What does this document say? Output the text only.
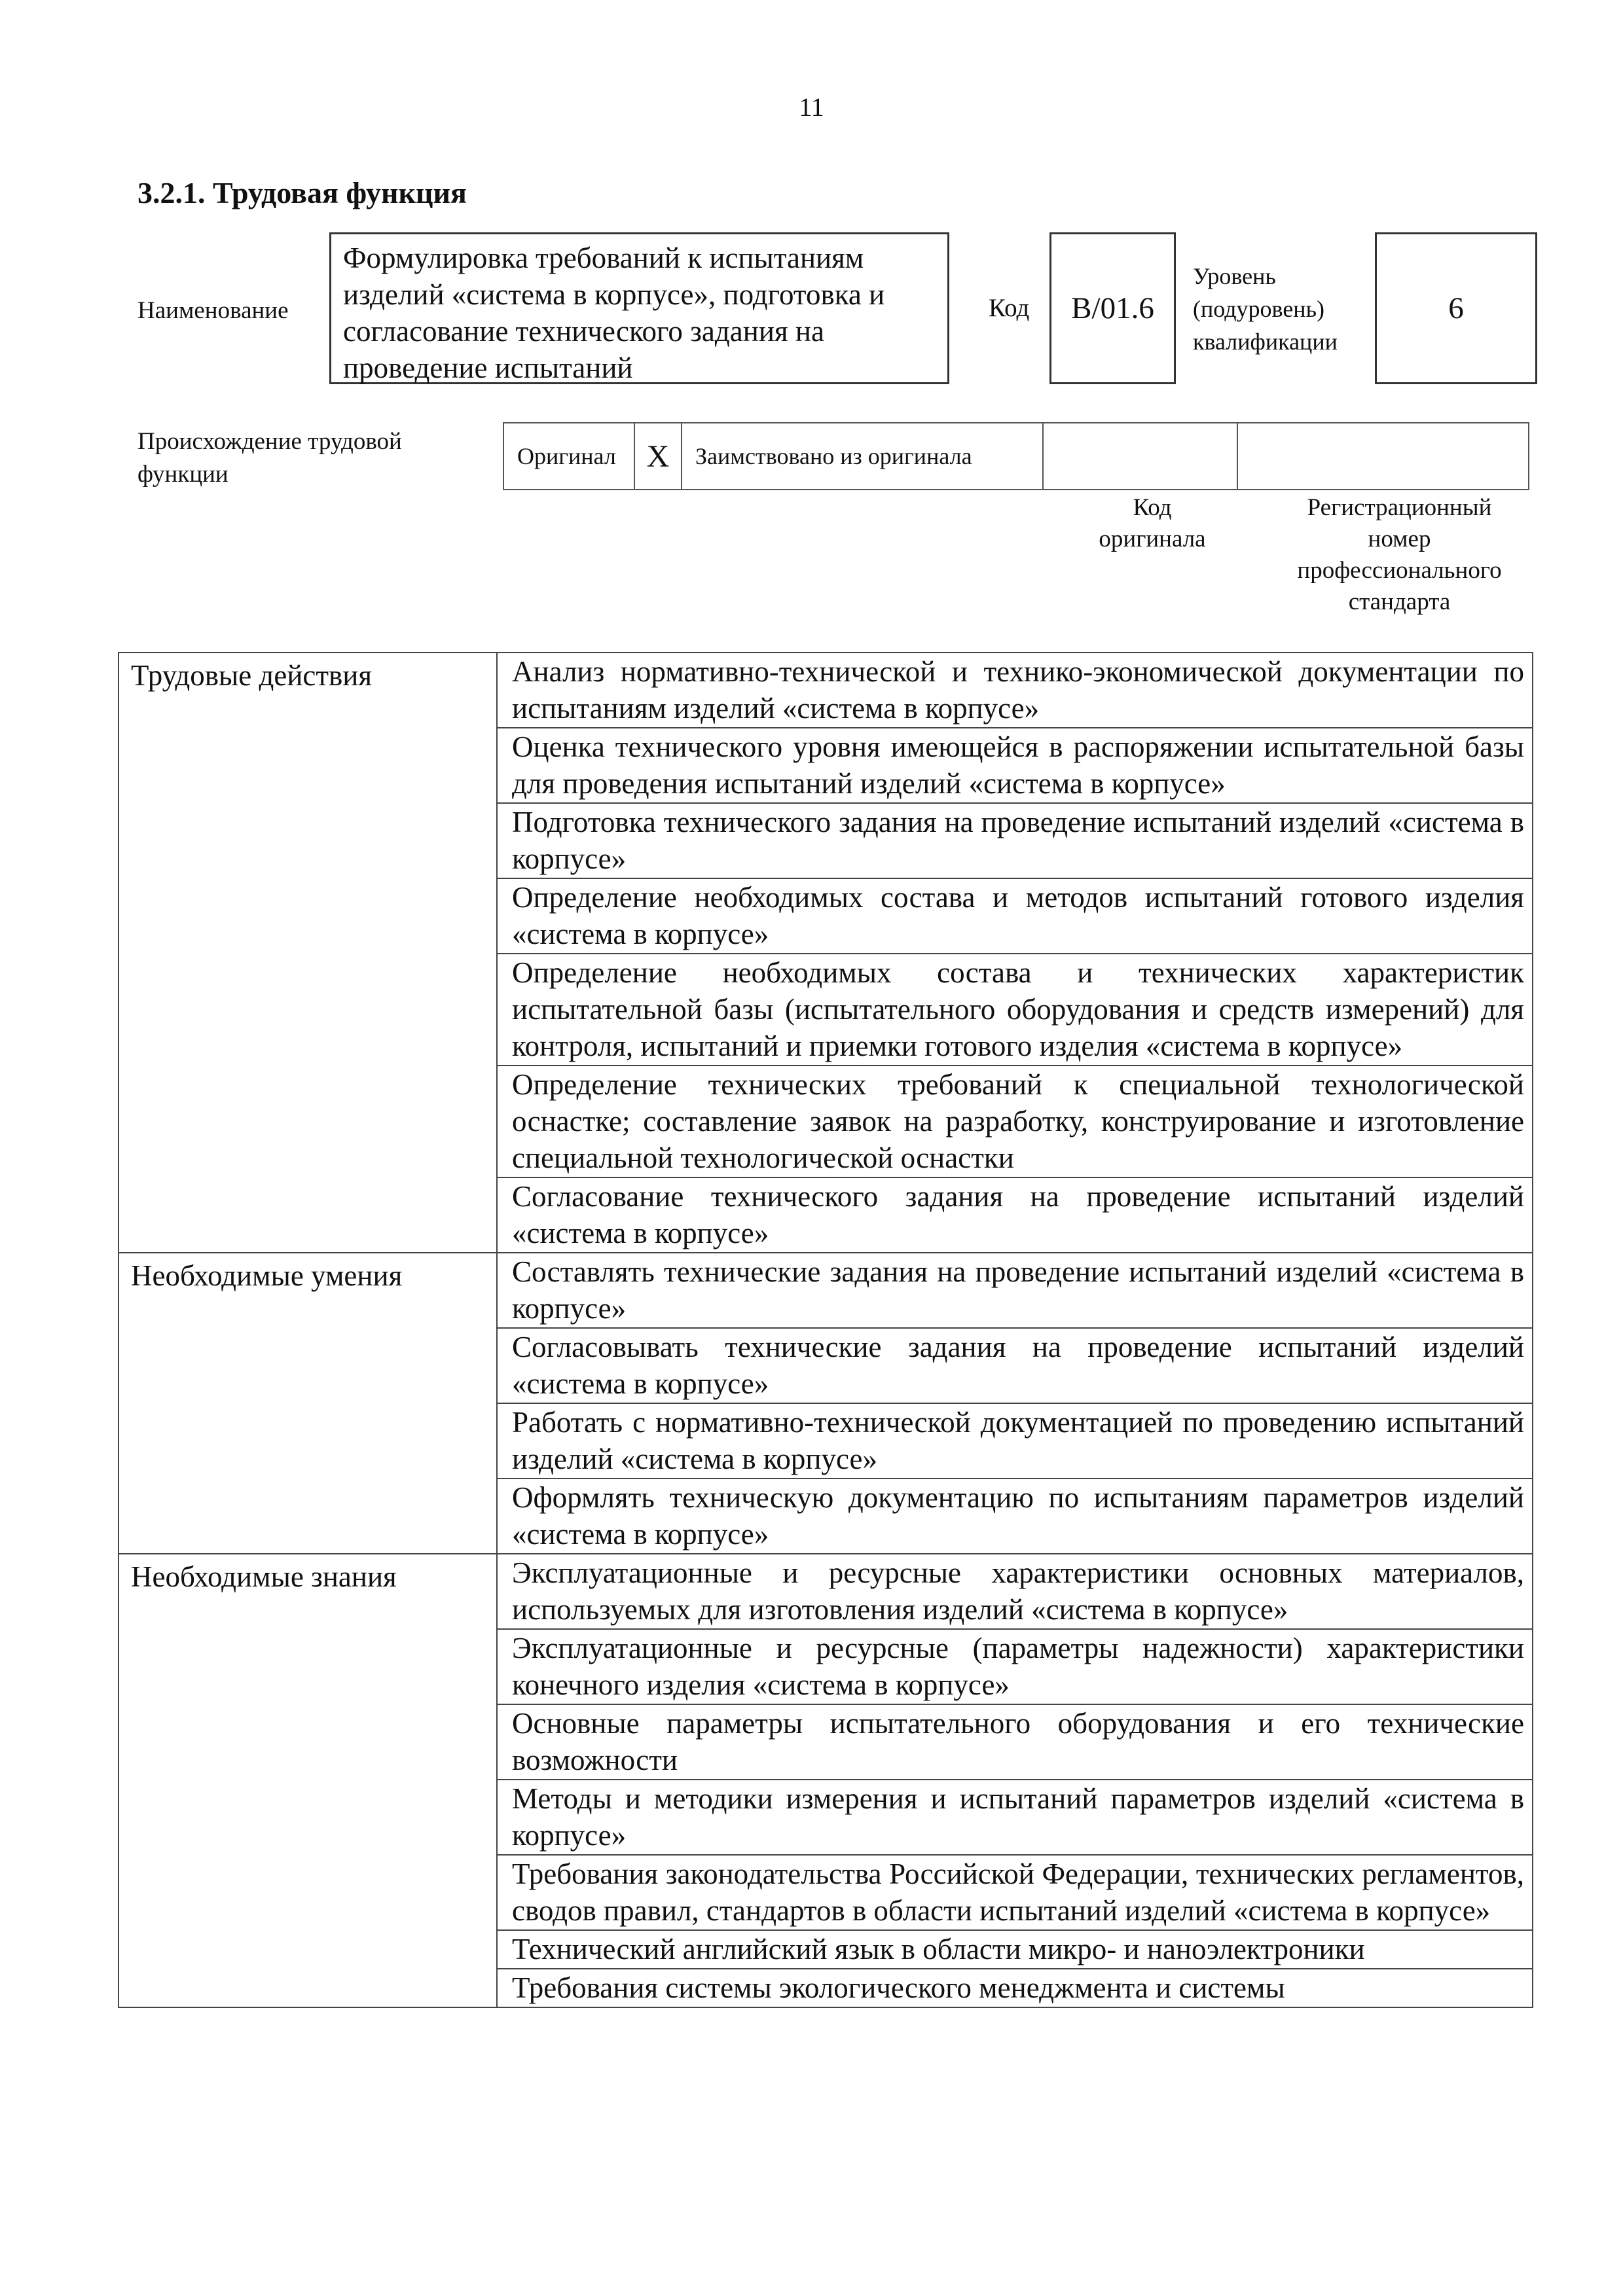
11
3.2.1. Трудовая функция
Наименование
Формулировка требований к испытаниям изделий «система в корпусе», подготовка и согласование технического задания на проведение испытаний
Код В/01.6
Уровень
(подуровень)
квалификации
6
Происхождение трудовой
функции
Оригинал	X	Заимствовано из оригинала		
Код
оригинала
Регистрационный
номер
профессионального
стандарта
Трудовые действия	Анализ нормативно-технической и технико-экономической документации по испытаниям изделий «система в корпусе»
	Оценка технического уровня имеющейся в распоряжении испытательной базы для проведения испытаний изделий «система в корпусе»
	Подготовка технического задания на проведение испытаний изделий «система в корпусе»
	Определение необходимых состава и методов испытаний готового изделия «система в корпусе»
	Определение необходимых состава и технических характеристик испытательной базы (испытательного оборудования и средств измерений) для контроля, испытаний и приемки готового изделия «система в корпусе»
	Определение технических требований к специальной технологической оснастке; составление заявок на разработку, конструирование и изготовление специальной технологической оснастки
	Согласование технического задания на проведение испытаний изделий «система в корпусе»
Необходимые умения	Составлять технические задания на проведение испытаний изделий «система в корпусе»
	Согласовывать технические задания на проведение испытаний изделий «система в корпусе»
	Работать с нормативно-технической документацией по проведению испытаний изделий «система в корпусе»
	Оформлять техническую документацию по испытаниям параметров изделий «система в корпусе»
Необходимые знания	Эксплуатационные и ресурсные характеристики основных материалов, используемых для изготовления изделий «система в корпусе»
	Эксплуатационные и ресурсные (параметры надежности) характеристики конечного изделия «система в корпусе»
	Основные параметры испытательного оборудования и его технические возможности
	Методы и методики измерения и испытаний параметров изделий «система в корпусе»
	Требования законодательства Российской Федерации, технических регламентов, сводов правил, стандартов в области испытаний изделий «система в корпусе»
	Технический английский язык в области микро- и наноэлектроники
	Требования системы экологического менеджмента и системы
